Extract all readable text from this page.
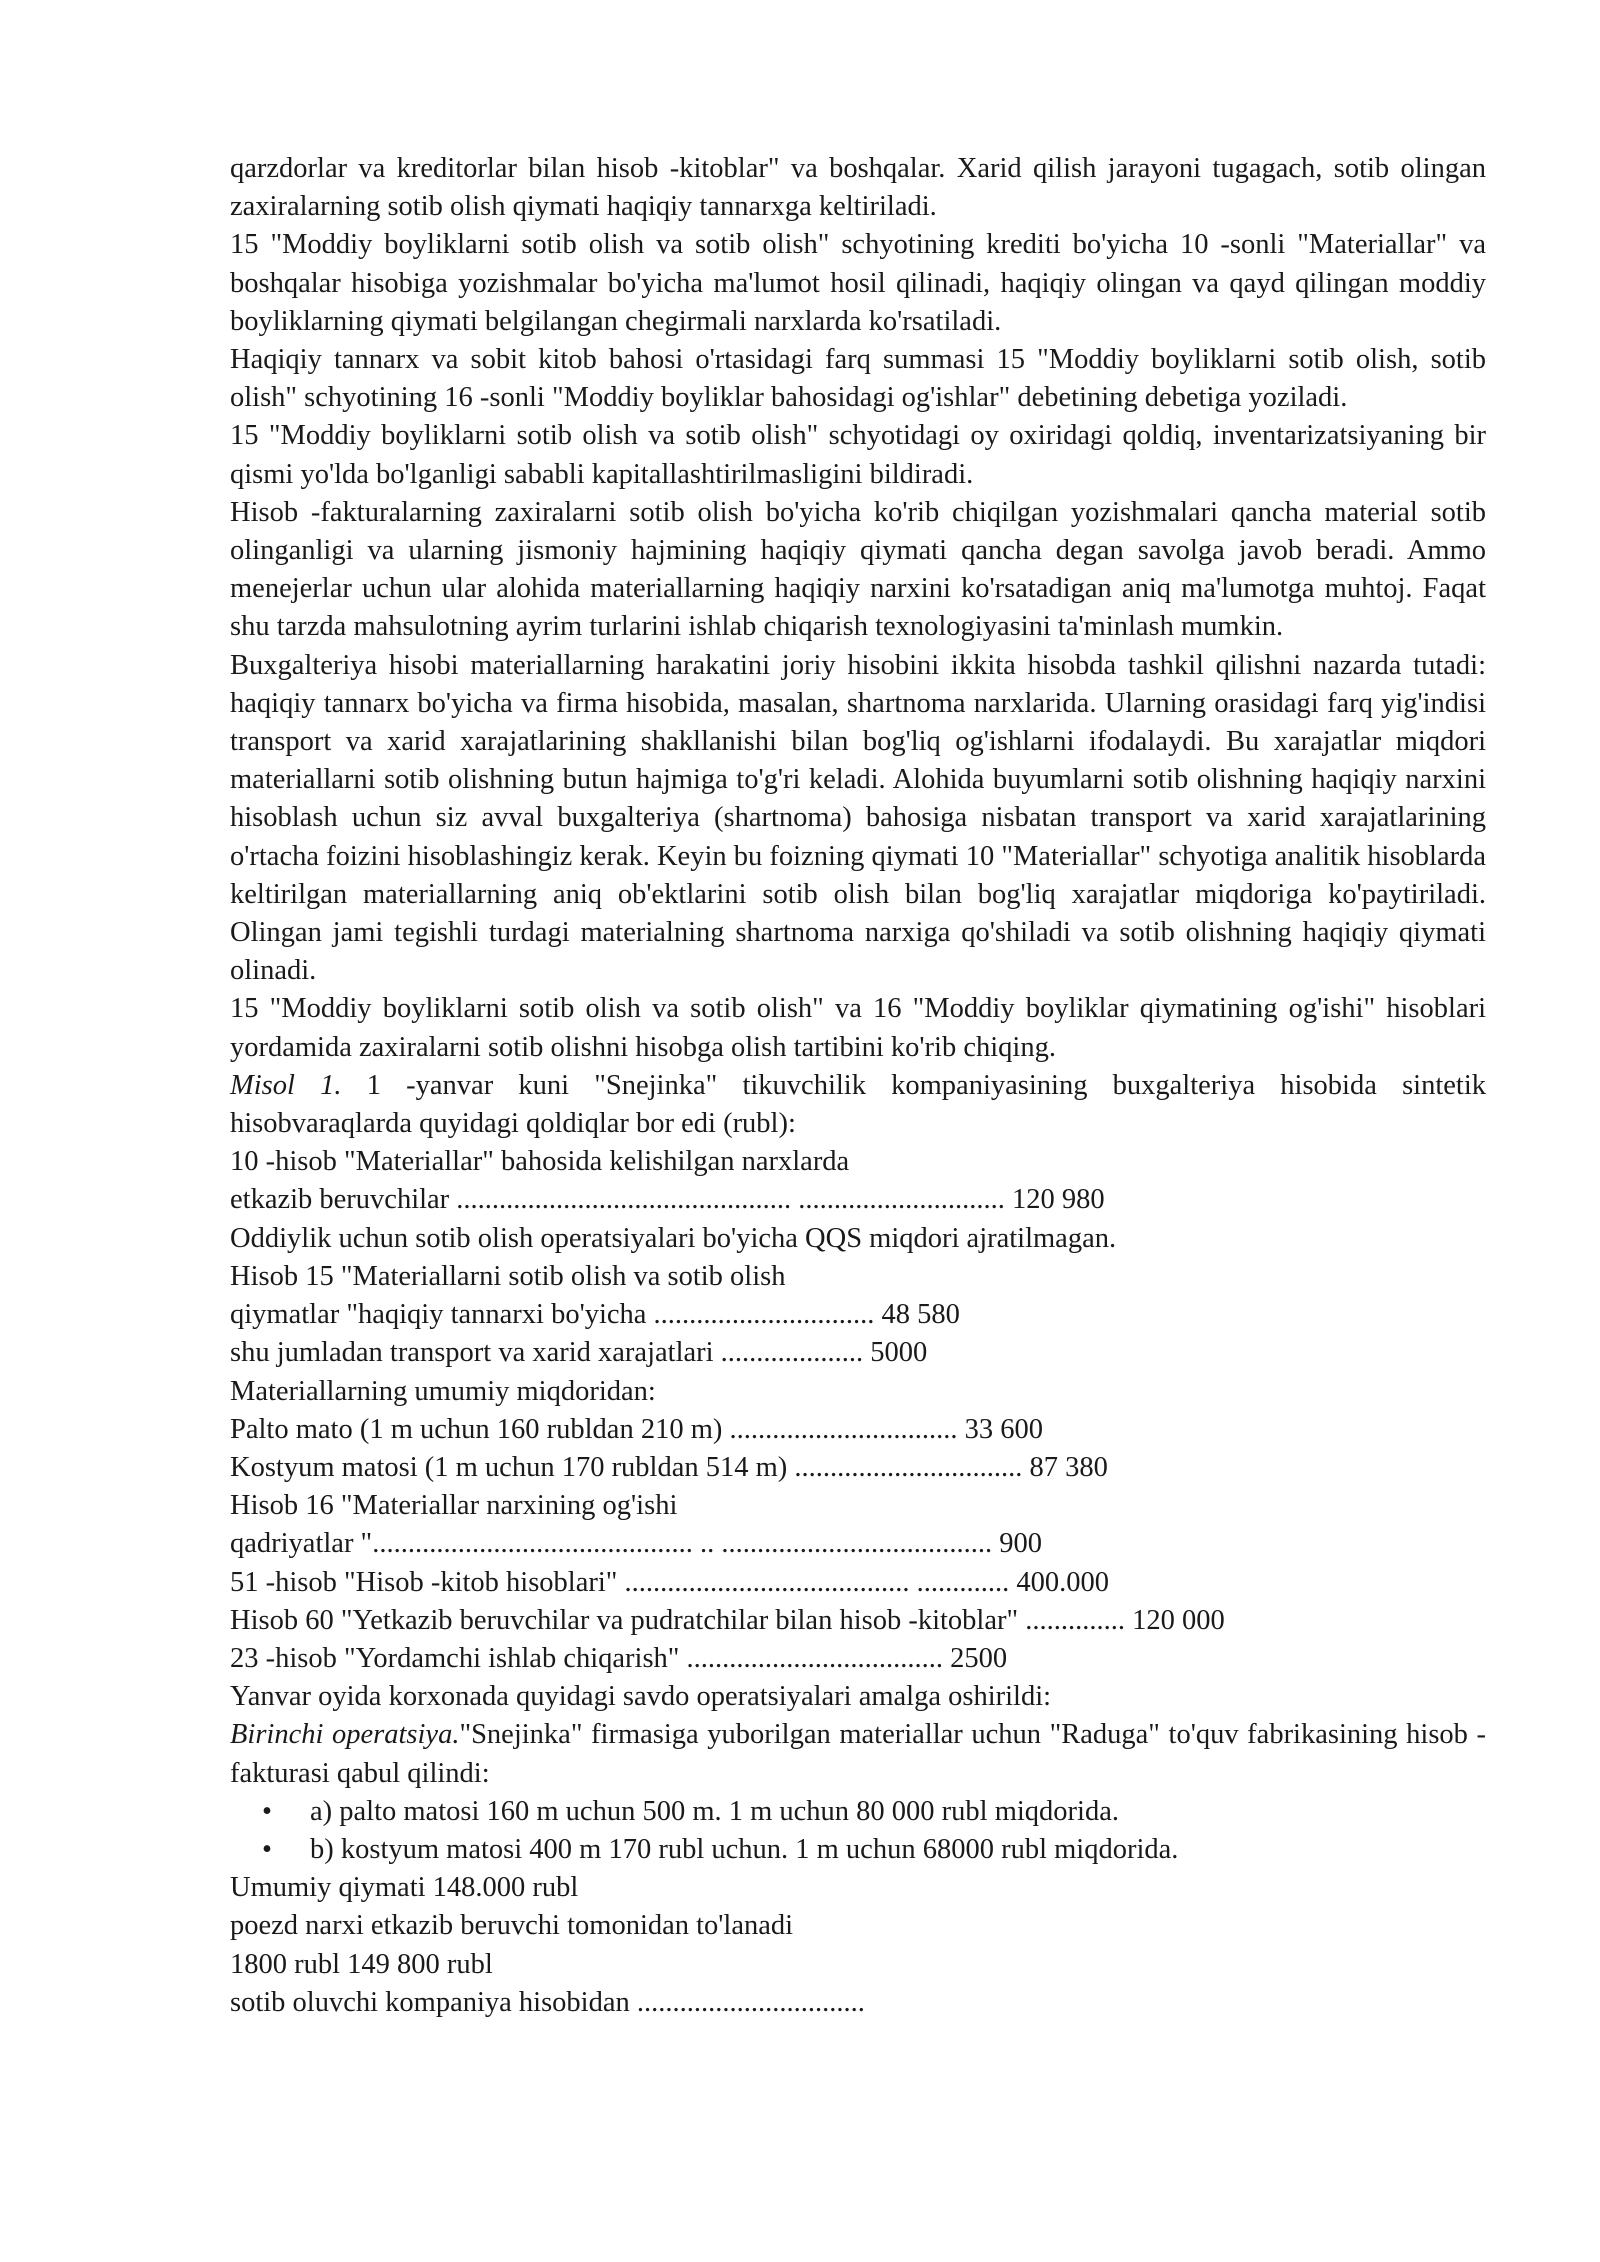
qarzdorlar va kreditorlar bilan hisob -kitoblar" va boshqalar. Xarid qilish jarayoni tugagach, sotib olingan zaxiralarning sotib olish qiymati haqiqiy tannarxga keltiriladi.

15 "Moddiy boyliklarni sotib olish va sotib olish" schyotining krediti bo'yicha 10 -sonli "Materiallar" va boshqalar hisobiga yozishmalar bo'yicha ma'lumot hosil qilinadi, haqiqiy olingan va qayd qilingan moddiy boyliklarning qiymati belgilangan chegirmali narxlarda ko'rsatiladi.

Haqiqiy tannarx va sobit kitob bahosi o'rtasidagi farq summasi 15 "Moddiy boyliklarni sotib olish, sotib olish" schyotining 16 -sonli "Moddiy boyliklar bahosidagi og'ishlar" debetining debetiga yoziladi.

15 "Moddiy boyliklarni sotib olish va sotib olish" schyotidagi oy oxiridagi qoldiq, inventarizatsiyaning bir qismi yo'lda bo'lganligi sababli kapitallashtirilmasligini bildiradi.

Hisob -fakturalarning zaxiralarni sotib olish bo'yicha ko'rib chiqilgan yozishmalari qancha material sotib olinganligi va ularning jismoniy hajmining haqiqiy qiymati qancha degan savolga javob beradi. Ammo menejerlar uchun ular alohida materiallarning haqiqiy narxini ko'rsatadigan aniq ma'lumotga muhtoj. Faqat shu tarzda mahsulotning ayrim turlarini ishlab chiqarish texnologiyasini ta'minlash mumkin.

Buxgalteriya hisobi materiallarning harakatini joriy hisobini ikkita hisobda tashkil qilishni nazarda tutadi: haqiqiy tannarx bo'yicha va firma hisobida, masalan, shartnoma narxlarida. Ularning orasidagi farq yig'indisi transport va xarid xarajatlarining shakllanishi bilan bog'liq og'ishlarni ifodalaydi. Bu xarajatlar miqdori materiallarni sotib olishning butun hajmiga to'g'ri keladi. Alohida buyumlarni sotib olishning haqiqiy narxini hisoblash uchun siz avval buxgalteriya (shartnoma) bahosiga nisbatan transport va xarid xarajatlarining o'rtacha foizini hisoblashingiz kerak. Keyin bu foizning qiymati 10 "Materiallar" schyotiga analitik hisoblarda keltirilgan materiallarning aniq ob'ektlarini sotib olish bilan bog'liq xarajatlar miqdoriga ko'paytiriladi. Olingan jami tegishli turdagi materialning shartnoma narxiga qo'shiladi va sotib olishning haqiqiy qiymati olinadi.

15 "Moddiy boyliklarni sotib olish va sotib olish" va 16 "Moddiy boyliklar qiymatining og'ishi" hisoblari yordamida zaxiralarni sotib olishni hisobga olish tartibini ko'rib chiqing.

Misol 1. 1 -yanvar kuni "Snejinka" tikuvchilik kompaniyasining buxgalteriya hisobida sintetik hisobvaraqlarda quyidagi qoldiqlar bor edi (rubl):

10 -hisob "Materiallar" bahosida kelishilgan narxlarda

etkazib beruvchilar ............................................... ............................. 120 980

Oddiylik uchun sotib olish operatsiyalari bo'yicha QQS miqdori ajratilmagan.

Hisob 15 "Materiallarni sotib olish va sotib olish

qiymatlar "haqiqiy tannarxi bo'yicha ............................... 48 580

shu jumladan transport va xarid xarajatlari .................... 5000

Materiallarning umumiy miqdoridan:

Palto mato (1 m uchun 160 rubldan 210 m) ................................ 33 600

Kostyum matosi (1 m uchun 170 rubldan 514 m) ................................ 87 380

Hisob 16 "Materiallar narxining og'ishi

qadriyatlar "............................................. .. ...................................... 900

51 -hisob "Hisob -kitob hisoblari" ........................................ ............. 400.000

Hisob 60 "Yetkazib beruvchilar va pudratchilar bilan hisob -kitoblar" .............. 120 000

23 -hisob "Yordamchi ishlab chiqarish" .................................... 2500

Yanvar oyida korxonada quyidagi savdo operatsiyalari amalga oshirildi:

Birinchi operatsiya."Snejinka" firmasiga yuborilgan materiallar uchun "Raduga" to'quv fabrikasining hisob -fakturasi qabul qilindi:

• a) palto matosi 160 m uchun 500 m. 1 m uchun 80 000 rubl miqdorida.
• b) kostyum matosi 400 m 170 rubl uchun. 1 m uchun 68000 rubl miqdorida.

Umumiy qiymati 148.000 rubl

poezd narxi etkazib beruvchi tomonidan to'lanadi

1800 rubl 149 800 rubl

sotib oluvchi kompaniya hisobidan ................................
